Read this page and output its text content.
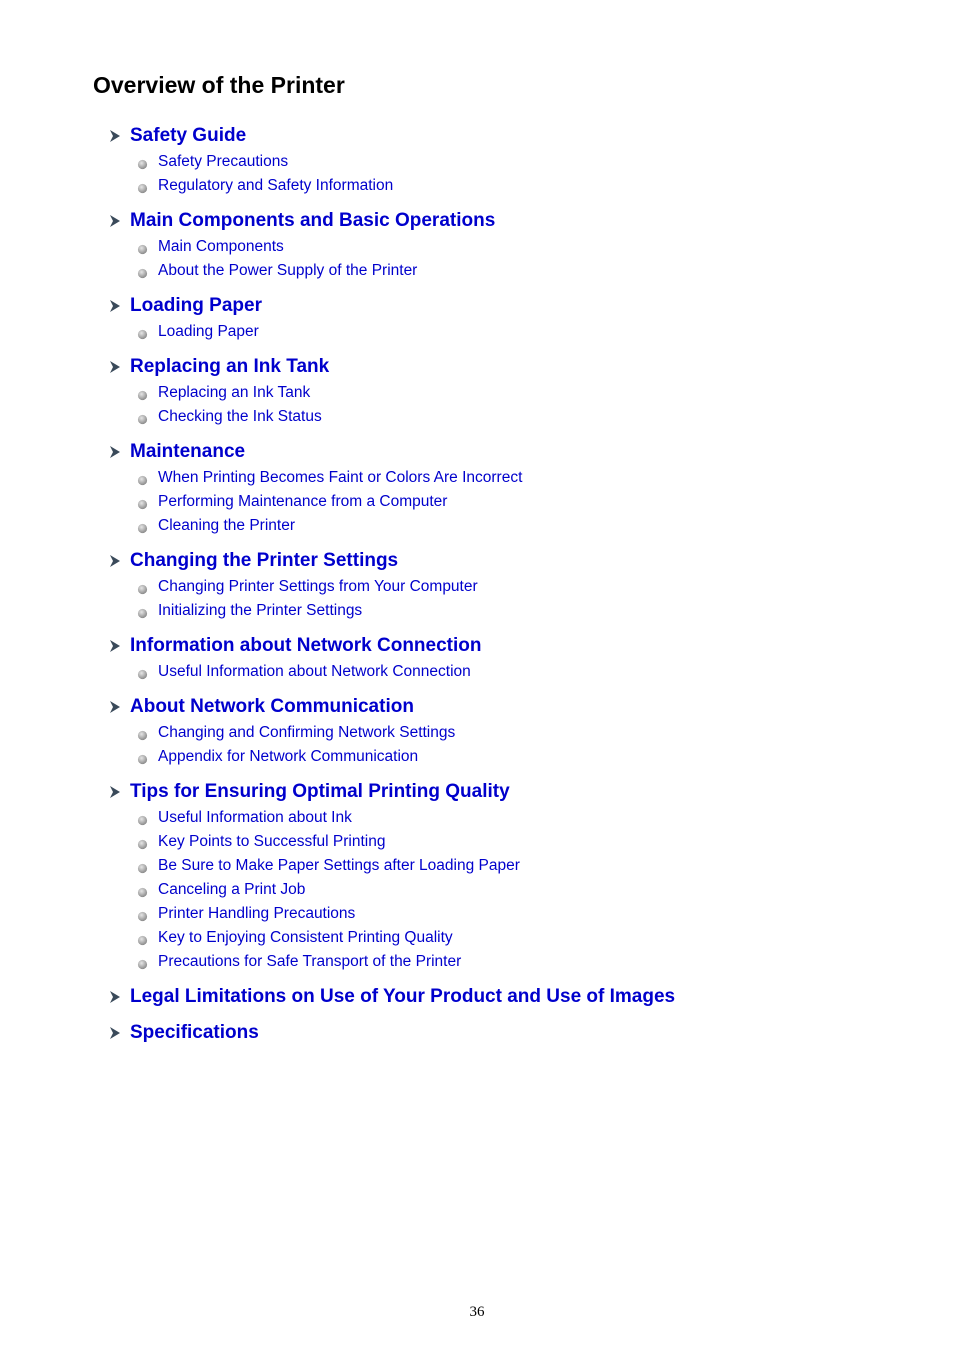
Overview of the Printer
Safety Guide
Safety Precautions
Regulatory and Safety Information
Main Components and Basic Operations
Main Components
About the Power Supply of the Printer
Loading Paper
Loading Paper
Replacing an Ink Tank
Replacing an Ink Tank
Checking the Ink Status
Maintenance
When Printing Becomes Faint or Colors Are Incorrect
Performing Maintenance from a Computer
Cleaning the Printer
Changing the Printer Settings
Changing Printer Settings from Your Computer
Initializing the Printer Settings
Information about Network Connection
Useful Information about Network Connection
About Network Communication
Changing and Confirming Network Settings
Appendix for Network Communication
Tips for Ensuring Optimal Printing Quality
Useful Information about Ink
Key Points to Successful Printing
Be Sure to Make Paper Settings after Loading Paper
Canceling a Print Job
Printer Handling Precautions
Key to Enjoying Consistent Printing Quality
Precautions for Safe Transport of the Printer
Legal Limitations on Use of Your Product and Use of Images
Specifications
36
